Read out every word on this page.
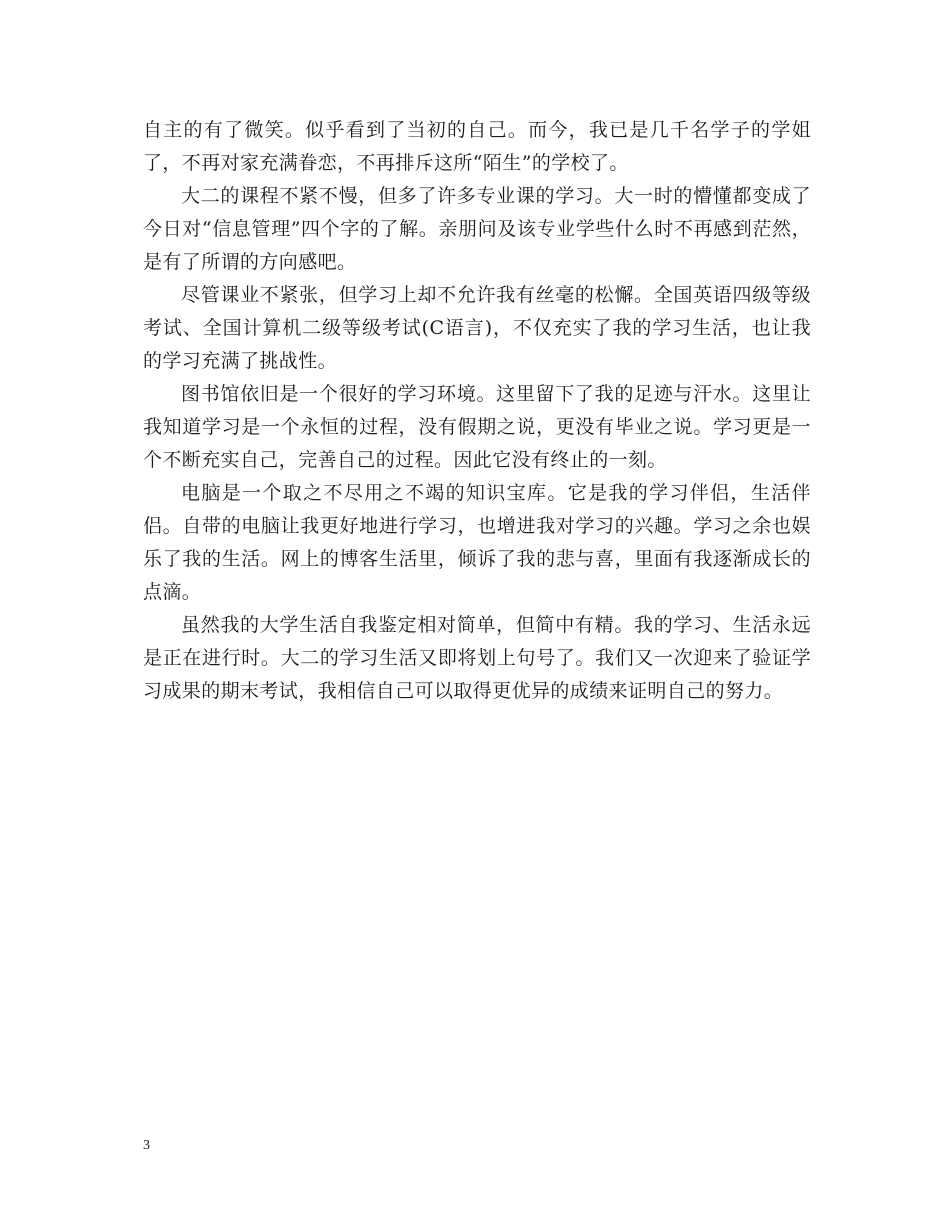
自主的有了微笑。似乎看到了当初的自己。而今，我已是几千名学子的学姐了，不再对家充满眷恋，不再排斥这所“陌生”的学校了。

大二的课程不紧不慢，但多了许多专业课的学习。大一时的懵懂都变成了今日对“信息管理”四个字的了解。亲朋问及该专业学些什么时不再感到茫然，是有了所谓的方向感吧。

尽管课业不紧张，但学习上却不允许我有丝毫的松懈。全国英语四级等级考试、全国计算机二级等级考试(C语言)，不仅充实了我的学习生活，也让我的学习充满了挑战性。

图书馆依旧是一个很好的学习环境。这里留下了我的足迹与汗水。这里让我知道学习是一个永恒的过程，没有假期之说，更没有毕业之说。学习更是一个不断充实自己，完善自己的过程。因此它没有终止的一刻。

电脑是一个取之不尽用之不竭的知识宝库。它是我的学习伴侣，生活伴侣。自带的电脑让我更好地进行学习，也增进我对学习的兴趣。学习之余也娱乐了我的生活。网上的博客生活里，倾诉了我的悲与喜，里面有我逐渐成长的点滴。

虽然我的大学生活自我鉴定相对简单，但简中有精。我的学习、生活永远是正在进行时。大二的学习生活又即将划上句号了。我们又一次迎来了验证学习成果的期末考试，我相信自己可以取得更优异的成绩来证明自己的努力。

3
